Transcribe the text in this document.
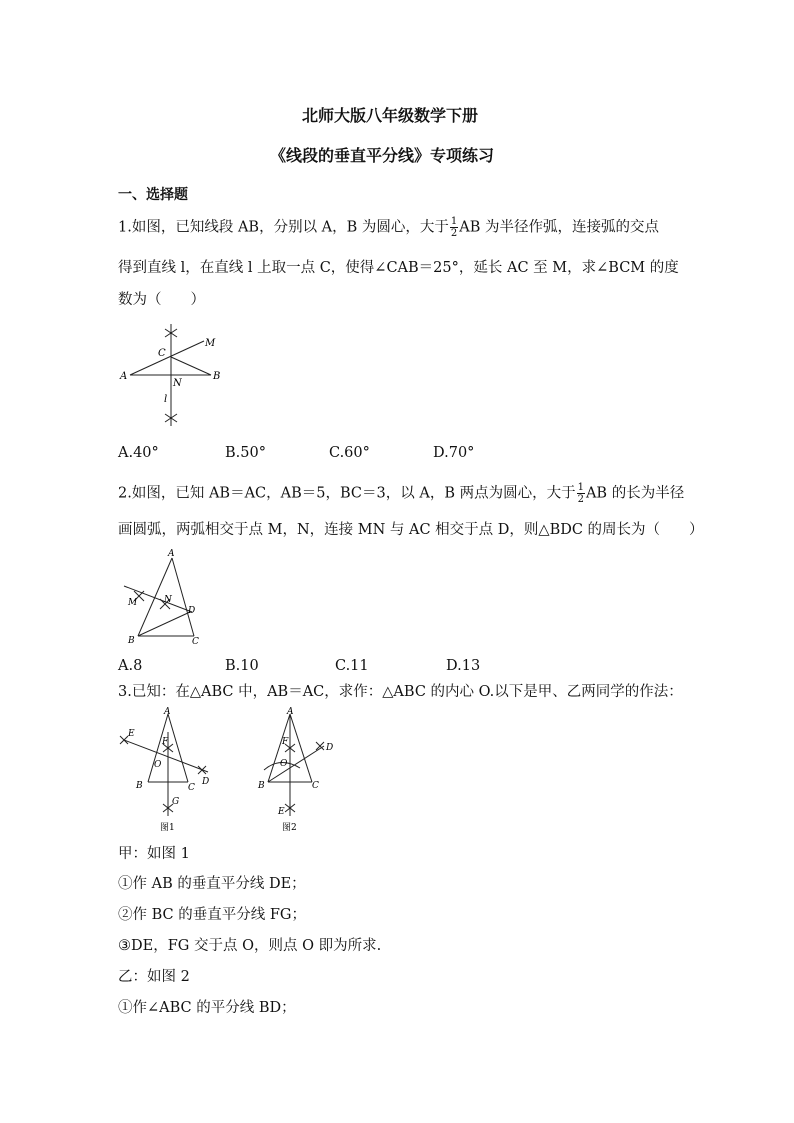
北师大版八年级数学下册
《线段的垂直平分线》专项练习
一、选择题
1.如图，已知线段 AB，分别以 A，B 为圆心，大于 $\frac{1}{2}$ AB 为半径作弧，连接弧的交点
得到直线 l，在直线 l 上取一点 C，使得∠CAB＝25°，延长 AC 至 M，求∠BCM 的度
数为（　　）
A	B
C
M
N
l
A.40°	B.50°	C.60°	D.70°
2.如图，已知 AB＝AC，AB＝5，BC＝3，以 A，B 两点为圆心，大于 $\frac{1}{2}$ AB 的长为半径
画圆弧，两弧相交于点 M，N，连接 MN 与 AC 相交于点 D，则△BDC 的周长为（　　）
A
B	C
D
M	N
A.8	B.10	C.11	D.13
3.已知：在△ABC 中，AB＝AC，求作：△ABC 的内心 O.以下是甲、乙两同学的作法：
A
B	C
D
E
F
G
O
图1
A
B	C
D
E
F
O
图2
甲：如图 1
①作 AB 的垂直平分线 DE；
②作 BC 的垂直平分线 FG；
③DE，FG 交于点 O，则点 O 即为所求.
乙：如图 2
①作∠ABC 的平分线 BD；
